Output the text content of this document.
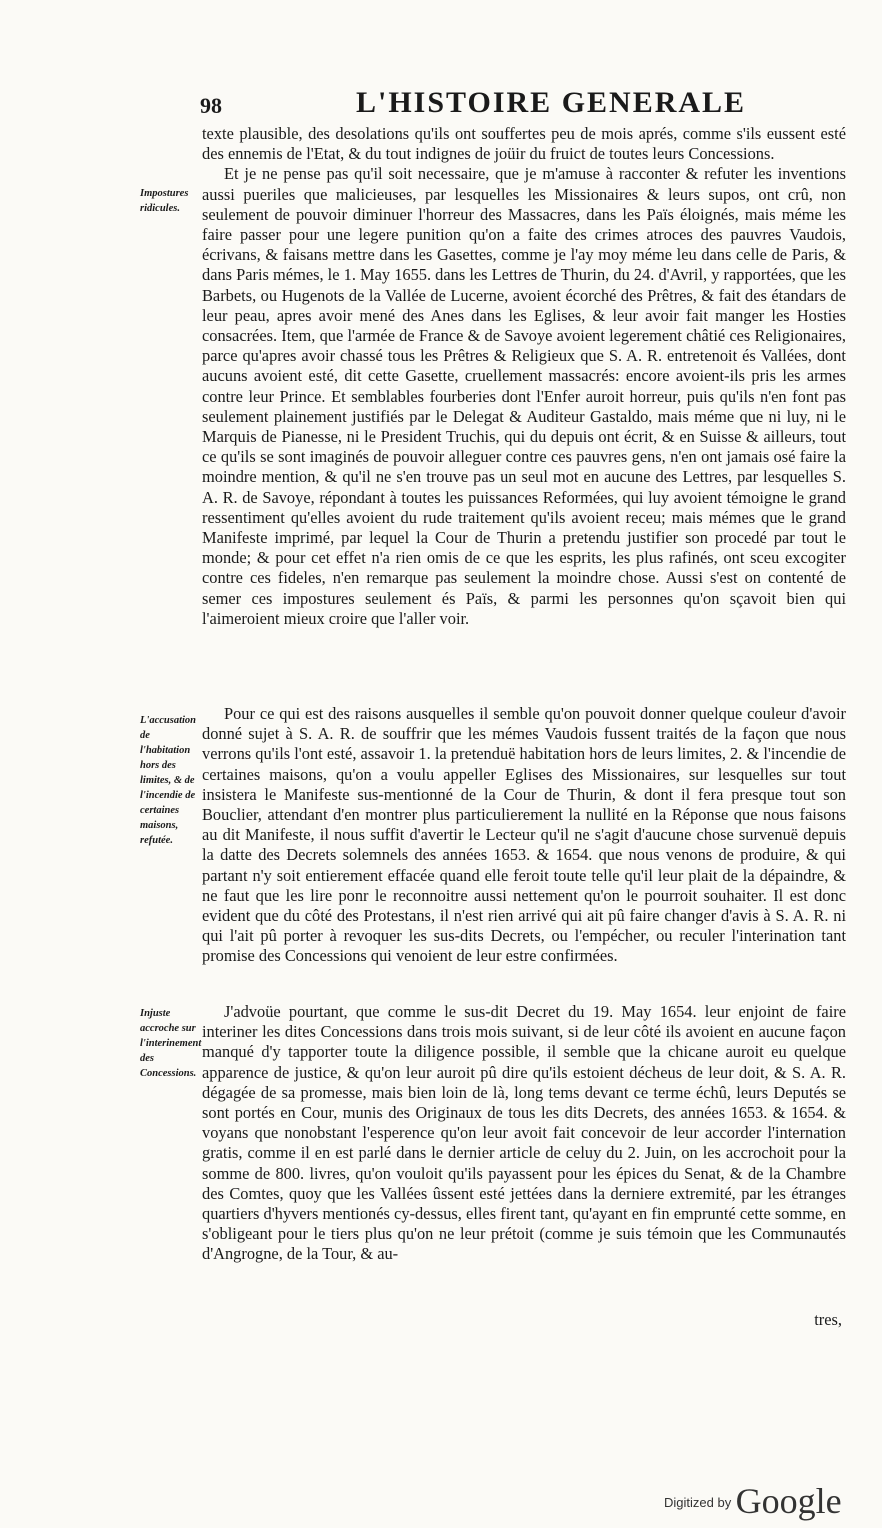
98	L'HISTOIRE GENERALE
Impostures ridicules.
L'accusation de l'habitation hors des limites, & de l'incendie de certaines maisons, refutée.
Injuste accroche sur l'interinement des Concessions.

texte plausible, des desolations qu'ils ont souffertes peu de mois aprés, comme s'ils eussent esté des ennemis de l'Etat, & du tout indignes de joüir du fruict de toutes leurs Concessions.

Et je ne pense pas qu'il soit necessaire, que je m'amuse à racconter & refuter les inventions aussi pueriles que malicieuses, par lesquelles les Missionaires & leurs supos, ont crû, non seulement de pouvoir diminuer l'horreur des Massacres, dans les Païs éloignés, mais méme les faire passer pour une legere punition qu'on a faite des crimes atroces des pauvres Vaudois, écrivans, & faisans mettre dans les Gasettes, comme je l'ay moy méme leu dans celle de Paris, & dans Paris mémes, le 1. May 1655. dans les Lettres de Thurin, du 24. d'Avril, y rapportées, que les Barbets, ou Hugenots de la Vallée de Lucerne, avoient écorché des Prêtres, & fait des étandars de leur peau, apres avoir mené des Anes dans les Eglises, & leur avoir fait manger les Hosties consacrées. Item, que l'armée de France & de Savoye avoient legerement châtié ces Religionaires, parce qu'apres avoir chassé tous les Prêtres & Religieux que S. A. R. entretenoit és Vallées, dont aucuns avoient esté, dit cette Gasette, cruellement massacrés: encore avoient-ils pris les armes contre leur Prince. Et semblables fourberies dont l'Enfer auroit horreur, puis qu'ils n'en font pas seulement plainement justifiés par le Delegat & Auditeur Gastaldo, mais méme que ni luy, ni le Marquis de Pianesse, ni le President Truchis, qui du depuis ont écrit, & en Suisse & ailleurs, tout ce qu'ils se sont imaginés de pouvoir alleguer contre ces pauvres gens, n'en ont jamais osé faire la moindre mention, & qu'il ne s'en trouve pas un seul mot en aucune des Lettres, par lesquelles S. A. R. de Savoye, répondant à toutes les puissances Reformées, qui luy avoient témoigne le grand ressentiment qu'elles avoient du rude traitement qu'ils avoient receu; mais mémes que le grand Manifeste imprimé, par lequel la Cour de Thurin a pretendu justifier son procedé par tout le monde; & pour cet effet n'a rien omis de ce que les esprits, les plus rafinés, ont sceu excogiter contre ces fideles, n'en remarque pas seulement la moindre chose. Aussi s'est on contenté de semer ces impostures seulement és Païs, & parmi les personnes qu'on sçavoit bien qui l'aimeroient mieux croire que l'aller voir.

Pour ce qui est des raisons ausquelles il semble qu'on pouvoit donner quelque couleur d'avoir donné sujet à S. A. R. de souffrir que les mémes Vaudois fussent traités de la façon que nous verrons qu'ils l'ont esté, assavoir 1. la pretenduë habitation hors de leurs limites, 2. & l'incendie de certaines maisons, qu'on a voulu appeller Eglises des Missionaires, sur lesquelles sur tout insistera le Manifeste sus-mentionné de la Cour de Thurin, & dont il fera presque tout son Bouclier, attendant d'en montrer plus particulierement la nullité en la Réponse que nous faisons au dit Manifeste, il nous suffit d'avertir le Lecteur qu'il ne s'agit d'aucune chose survenuë depuis la datte des Decrets solemnels des années 1653. & 1654. que nous venons de produire, & qui partant n'y soit entierement effacée quand elle feroit toute telle qu'il leur plait de la dépaindre, & ne faut que les lire ponr le reconnoitre aussi nettement qu'on le pourroit souhaiter. Il est donc evident que du côté des Protestans, il n'est rien arrivé qui ait pû faire changer d'avis à S. A. R. ni qui l'ait pû porter à revoquer les sus-dits Decrets, ou l'empécher, ou reculer l'interination tant promise des Concessions qui venoient de leur estre confirmées.

J'advoüe pourtant, que comme le sus-dit Decret du 19. May 1654. leur enjoint de faire interiner les dites Concessions dans trois mois suivant, si de leur côté ils avoient en aucune façon manqué d'y tapporter toute la diligence possible, il semble que la chicane auroit eu quelque apparence de justice, & qu'on leur auroit pû dire qu'ils estoient décheus de leur doit, & S. A. R. dégagée de sa promesse, mais bien loin de là, long tems devant ce terme échû, leurs Deputés se sont portés en Cour, munis des Originaux de tous les dits Decrets, des années 1653. & 1654. & voyans que nonobstant l'esperence qu'on leur avoit fait concevoir de leur accorder l'internation gratis, comme il en est parlé dans le dernier article de celuy du 2. Juin, on les accrochoit pour la somme de 800. livres, qu'on vouloit qu'ils payassent pour les épices du Senat, & de la Chambre des Comtes, quoy que les Vallées ûssent esté jettées dans la derniere extremité, par les étranges quartiers d'hyvers mentionés cy-dessus, elles firent tant, qu'ayant en fin emprunté cette somme, en s'obligeant pour le tiers plus qu'on ne leur prétoit (comme je suis témoin que les Communautés d'Angrogne, de la Tour, & au-

tres,
$^{Digitized by}$ Google
